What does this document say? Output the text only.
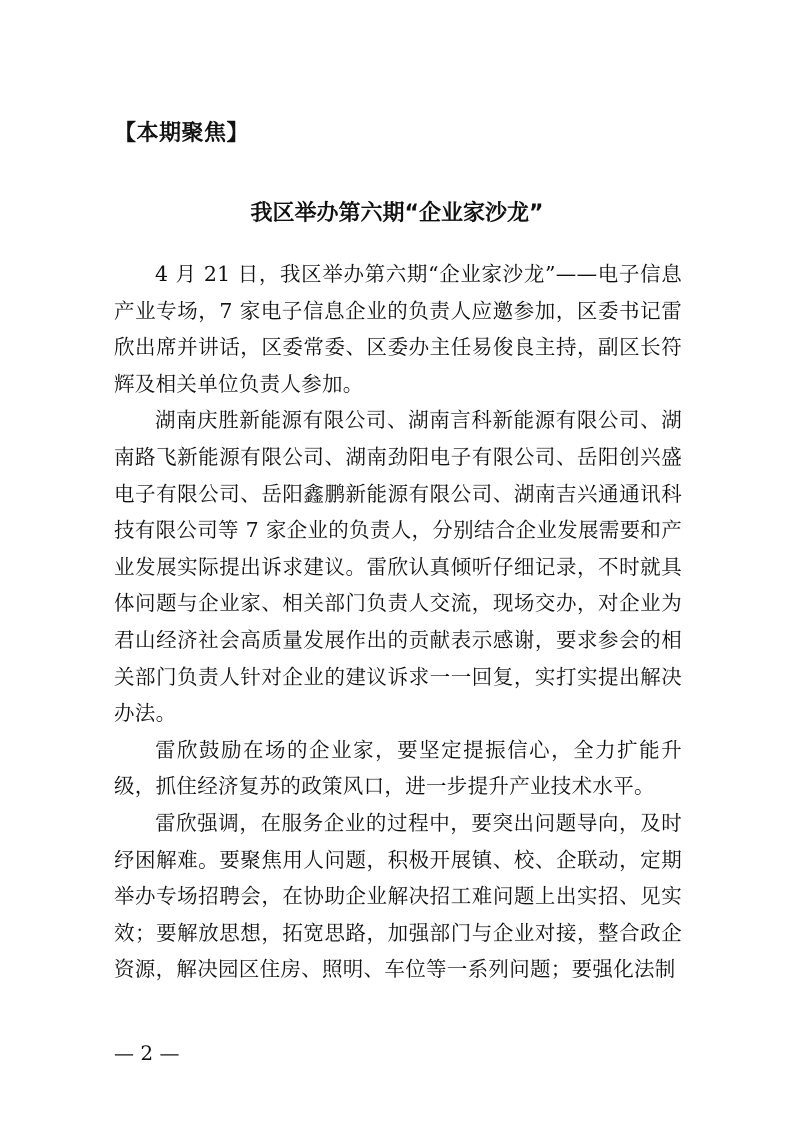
【本期聚焦】
我区举办第六期“企业家沙龙”

4 月 21 日，我区举办第六期“企业家沙龙”——电子信息产业专场，7 家电子信息企业的负责人应邀参加，区委书记雷欣出席并讲话，区委常委、区委办主任易俊良主持，副区长符辉及相关单位负责人参加。

湖南庆胜新能源有限公司、湖南言科新能源有限公司、湖南路飞新能源有限公司、湖南劲阳电子有限公司、岳阳创兴盛电子有限公司、岳阳鑫鹏新能源有限公司、湖南吉兴通通讯科技有限公司等 7 家企业的负责人，分别结合企业发展需要和产业发展实际提出诉求建议。雷欣认真倾听仔细记录，不时就具体问题与企业家、相关部门负责人交流，现场交办，对企业为君山经济社会高质量发展作出的贡献表示感谢，要求参会的相关部门负责人针对企业的建议诉求一一回复，实打实提出解决办法。

雷欣鼓励在场的企业家，要坚定提振信心，全力扩能升级，抓住经济复苏的政策风口，进一步提升产业技术水平。

雷欣强调，在服务企业的过程中，要突出问题导向，及时纾困解难。要聚焦用人问题，积极开展镇、校、企联动，定期举办专场招聘会，在协助企业解决招工难问题上出实招、见实效；要解放思想，拓宽思路，加强部门与企业对接，整合政企资源，解决园区住房、照明、车位等一系列问题；要强化法制

— 2 —
